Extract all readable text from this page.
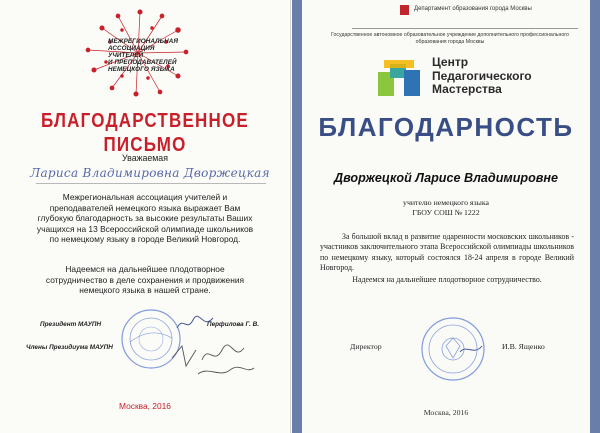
МЕЖРЕГИОНАЛЬНАЯ
АССОЦИАЦИЯ
УЧИТЕЛЕЙ
И ПРЕПОДАВАТЕЛЕЙ
НЕМЕЦКОГО ЯЗЫКА
БЛАГОДАРСТВЕННОЕ ПИСЬМО
Уважаемая
Лариса Владимировна Дворжецкая
Межрегиональная ассоциация учителей и преподавателей немецкого языка выражает Вам глубокую благодарность за высокие результаты Ваших учащихся на 13 Всероссийской олимпиаде школьников по немецкому языку в городе Великий Новгород.
Надеемся на дальнейшее плодотворное сотрудничество в деле сохранения и продвижения немецкого языка в нашей стране.
Президент МАУПН	Перфилова Г. В.
Члены Президиума МАУПН
Москва, 2016
Департамент образования города Москвы
Государственное автономное образовательное учреждение дополнительного профессионального образования города Москвы
Центр
Педагогического
Мастерства
БЛАГОДАРНОСТЬ
Дворжецкой Ларисе Владимировне
учителю немецкого языка
ГБОУ СОШ № 1222
За большой вклад в развитие одаренности московских школьников - участников заключительного этапа Всероссийской олимпиады школьников по немецкому языку, который состоялся 18-24 апреля в городе Великий Новгород.
Надеемся на дальнейшее плодотворное сотрудничество.
Директор	И.В. Ященко
Москва, 2016
